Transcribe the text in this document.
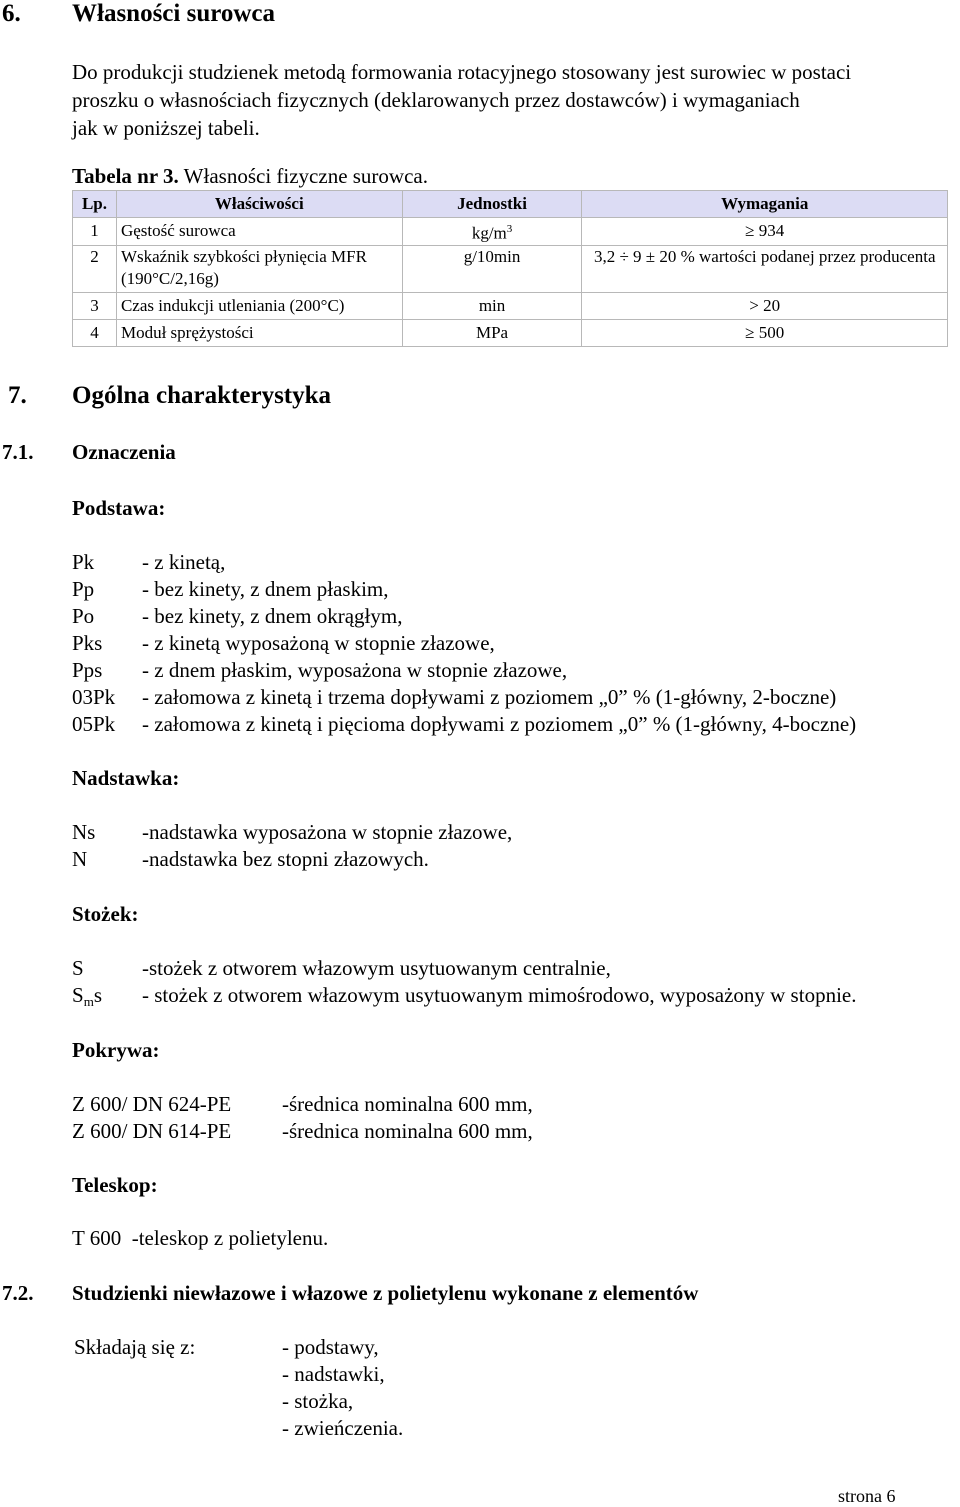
6. Własności surowca
Do produkcji studzienek metodą formowania rotacyjnego stosowany jest surowiec w postaci
proszku o własnościach fizycznych (deklarowanych przez dostawców) i wymaganiach
jak w poniższej tabeli.
Tabela nr 3. Własności fizyczne surowca.
Lp.	Właściwości	Jednostki	Wymagania
1	Gęstość surowca	$kg/m^3$	≥ 934
2	Wskaźnik szybkości płynięcia MFR (190°C/2,16g)	g/10min	3,2 ÷ 9 ± 20 % wartości podanej przez producenta
3	Czas indukcji utleniania (200°C)	min	> 20
4	Moduł sprężystości	MPa	≥ 500
7. Ogólna charakterystyka
7.1. Oznaczenia
Podstawa:
Pk - z kinetą,
Pp - bez kinety, z dnem płaskim,
Po - bez kinety, z dnem okrągłym,
Pks - z kinetą wyposażoną w stopnie złazowe,
Pps - z dnem płaskim, wyposażona w stopnie złazowe,
03Pk - załomowa z kinetą i trzema dopływami z poziomem „0” % (1-główny, 2-boczne)
05Pk - załomowa z kinetą i pięcioma dopływami z poziomem „0” % (1-główny, 4-boczne)
Nadstawka:
Ns -nadstawka wyposażona w stopnie złazowe,
N	-nadstawka bez stopni złazowych.
Stożek:
S	-stożek z otworem włazowym usytuowanym centralnie,
Sms - stożek z otworem włazowym usytuowanym mimośrodowo, wyposażony w stopnie.
Pokrywa:
Z 600/ DN 624-PE -średnica nominalna 600 mm,
Z 600/ DN 614-PE -średnica nominalna 600 mm,
Teleskop:
T 600  -teleskop z polietylenu.
7.2. Studzienki niewłazowe i włazowe z polietylenu wykonane z elementów
Składają się z:	- podstawy,
- nadstawki,
- stożka,
- zwieńczenia.
strona 6
